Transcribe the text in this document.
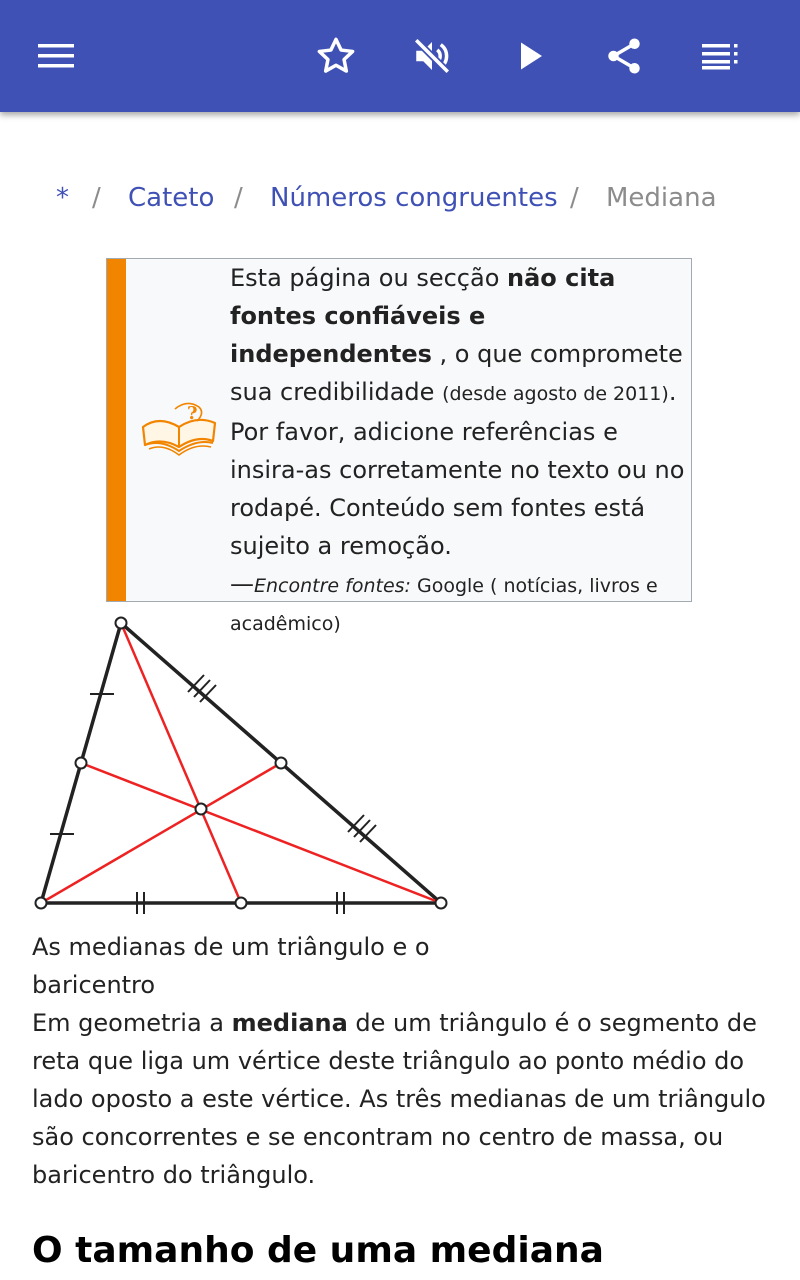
* / Cateto / Números congruentes / Mediana
?
Esta página ou secção não cita fontes confiáveis e independentes , o que compromete sua credibilidade (desde agosto de 2011). Por favor, adicione referências e insira-as corretamente no texto ou no rodapé. Conteúdo sem fontes está sujeito a remoção.
—Encontre fontes: Google ( notícias, livros e acadêmico)
As medianas de um triângulo e o baricentro
Em geometria a mediana de um triângulo é o segmento de reta que liga um vértice deste triângulo ao ponto médio do lado oposto a este vértice. As três medianas de um triângulo são concorrentes e se encontram no centro de massa, ou baricentro do triângulo.
O tamanho de uma mediana
